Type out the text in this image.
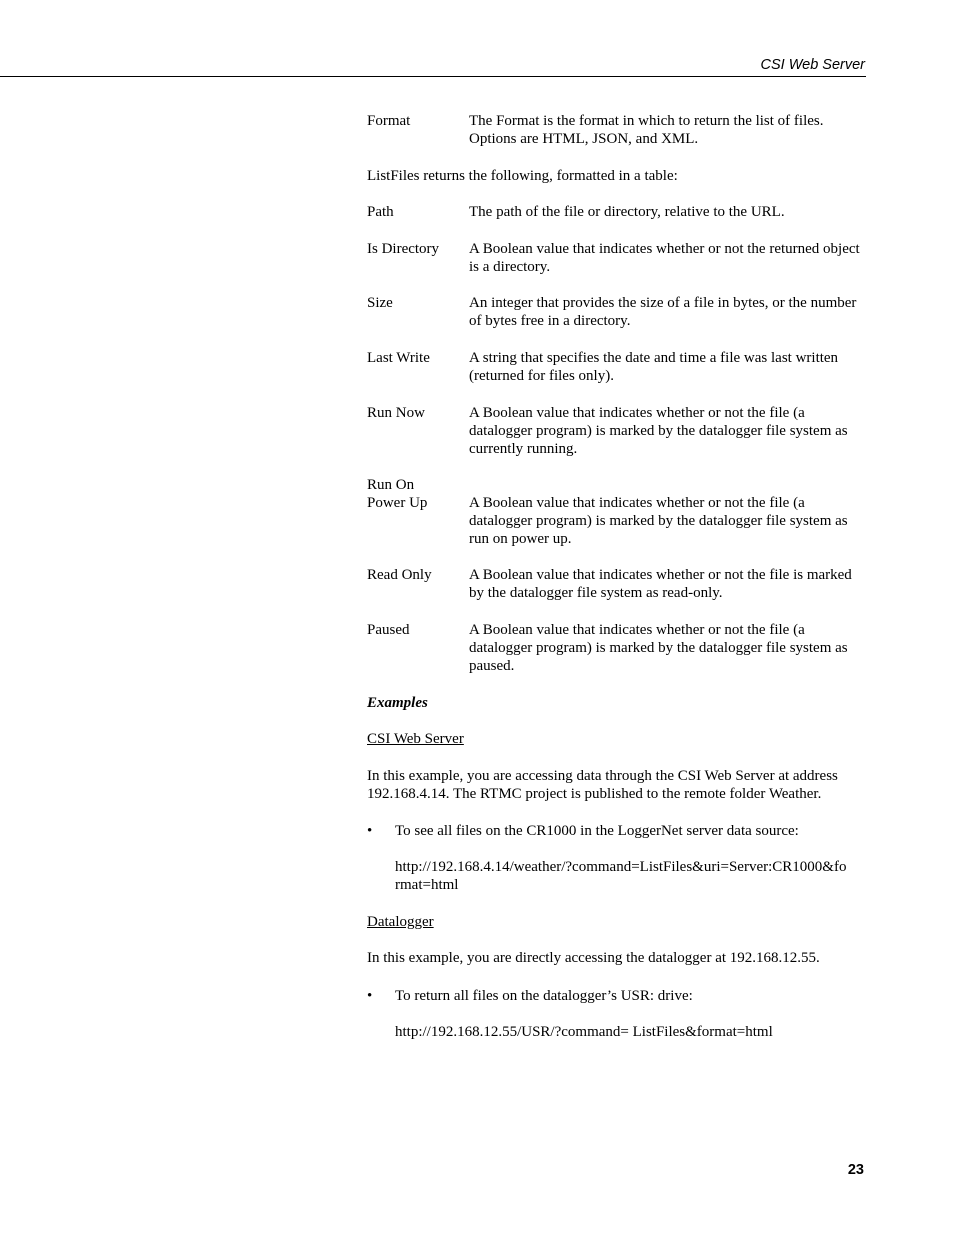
CSI Web Server
Format	The Format is the format in which to return the list of files. Options are HTML, JSON, and XML.
ListFiles returns the following, formatted in a table:
Path	The path of the file or directory, relative to the URL.
Is Directory	A Boolean value that indicates whether or not the returned object is a directory.
Size	An integer that provides the size of a file in bytes, or the number of bytes free in a directory.
Last Write	A string that specifies the date and time a file was last written (returned for files only).
Run Now	A Boolean value that indicates whether or not the file (a datalogger program) is marked by the datalogger file system as currently running.
Run On
Power Up	A Boolean value that indicates whether or not the file (a datalogger program) is marked by the datalogger file system as run on power up.
Read Only	A Boolean value that indicates whether or not the file is marked by the datalogger file system as read-only.
Paused	A Boolean value that indicates whether or not the file (a datalogger program) is marked by the datalogger file system as paused.
Examples
CSI Web Server
In this example, you are accessing data through the CSI Web Server at address 192.168.4.14. The RTMC project is published to the remote folder Weather.
•	To see all files on the CR1000 in the LoggerNet server data source:
http://192.168.4.14/weather/?command=ListFiles&uri=Server:CR1000&fo
rmat=html
Datalogger
In this example, you are directly accessing the datalogger at 192.168.12.55.
•	To return all files on the datalogger’s USR: drive:
http://192.168.12.55/USR/?command= ListFiles&format=html
23
